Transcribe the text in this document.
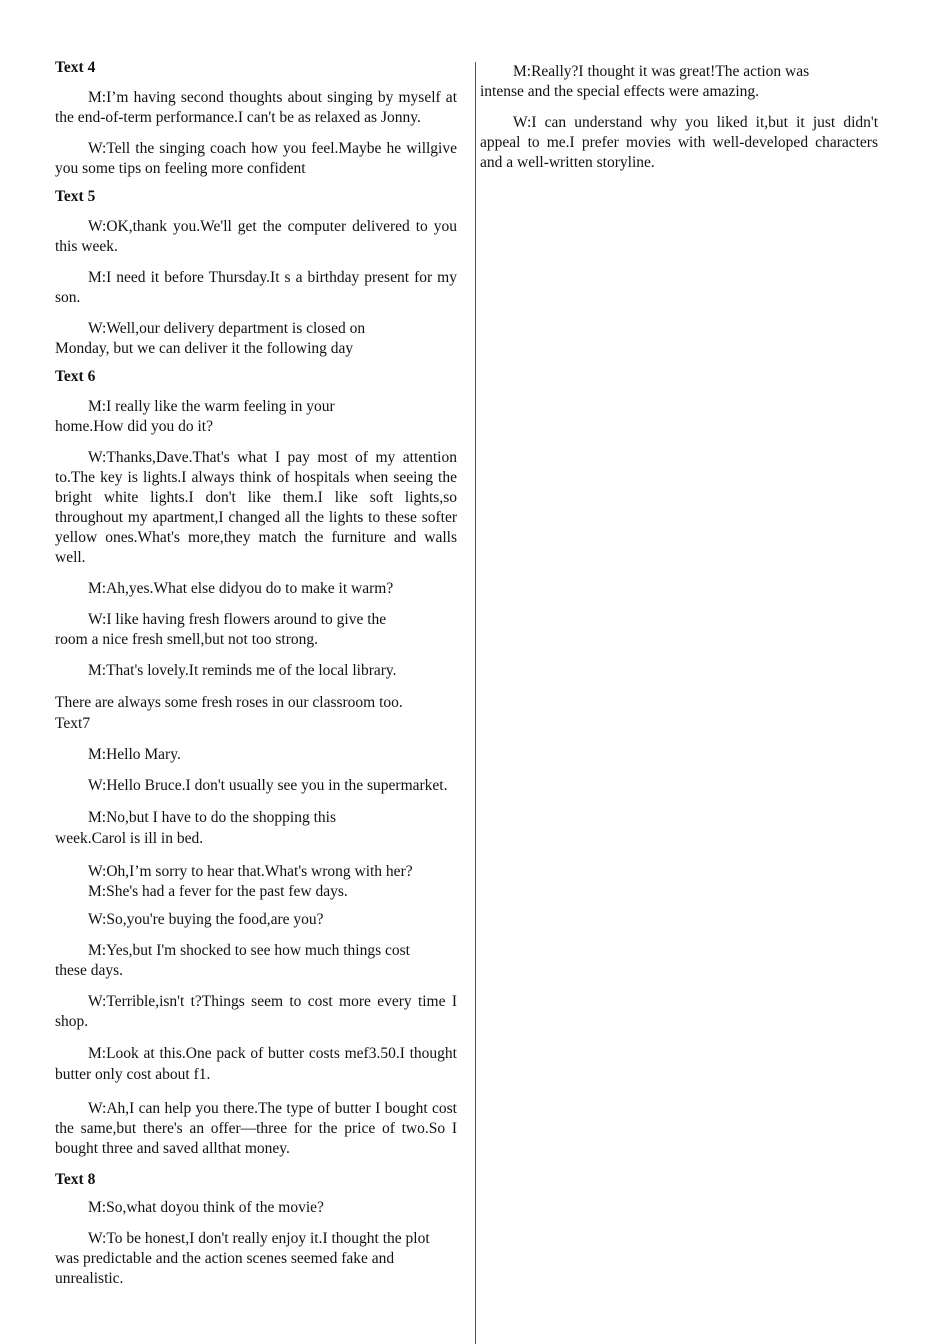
Text 4

M:I’m having second thoughts about singing by myself at the end-of-term performance.I can't be as relaxed as Jonny.

W:Tell the singing coach how you feel.Maybe he willgive you some tips on feeling more confident

Text 5

W:OK,thank you.We'll get the computer delivered to you this week.

M:I need it before Thursday.It s a birthday present for my son.

W:Well,our delivery department is closed on Monday, but we can deliver it the following day

Text 6

M:I really like the warm feeling in your home.How did you do it?

W:Thanks,Dave.That's what I pay most of my attention to.The key is lights.I always think of hospitals when seeing the bright white lights.I don't like them.I like soft lights,so throughout my apartment,I changed all the lights to these softer yellow ones.What's more,they match the furniture and walls well.

M:Ah,yes.What else didyou do to make it warm?

W:I like having fresh flowers around to give the room a nice fresh smell,but not too strong.

M:That's lovely.It reminds me of the local library.

There are always some fresh roses in our classroom too. Text7

M:Hello Mary.

W:Hello Bruce.I don't usually see you in the supermarket.

M:No,but I have to do the shopping this week.Carol is ill in bed.

W:Oh,I’m sorry to hear that.What's wrong with her? M:She's had a fever for the past few days.

W:So,you're buying the food,are you?

M:Yes,but I'm shocked to see how much things cost these days.

W:Terrible,isn't t?Things seem to cost more every time I shop.

M:Look at this.One pack of butter costs mef3.50.I thought butter only cost about f1.

W:Ah,I can help you there.The type of butter I bought cost the same,but there's an offer—three for the price of two.So I bought three and saved allthat money.

Text 8

M:So,what doyou think of the movie?

W:To be honest,I don't really enjoy it.I thought the plot was predictable and the action scenes seemed fake and unrealistic.

M:Really?I thought it was great!The action was intense and the special effects were amazing.

W:I can understand why you liked it,but it just didn't appeal to me.I prefer movies with well-developed characters and a well-written storyline.
